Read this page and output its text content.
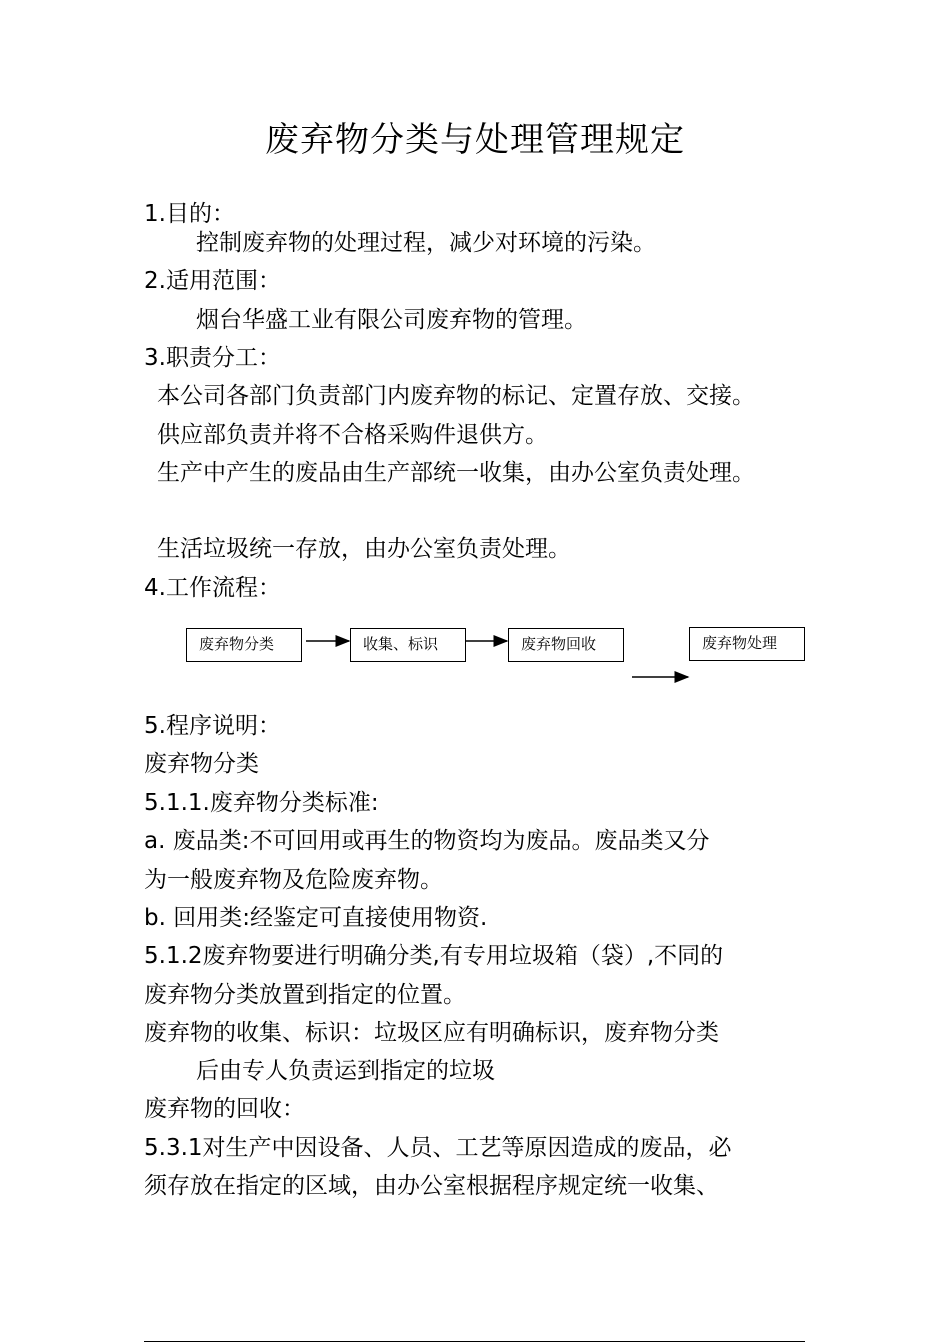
废弃物分类与处理管理规定
1.目的：
控制废弃物的处理过程，减少对环境的污染。
2.适用范围：
烟台华盛工业有限公司废弃物的管理。
3.职责分工：
本公司各部门负责部门内废弃物的标记、定置存放、交接。
供应部负责并将不合格采购件退供方。
生产中产生的废品由生产部统一收集，由办公室负责处理。
生活垃圾统一存放，由办公室负责处理。
4.工作流程：
废弃物分类	收集、标识	废弃物回收	废弃物处理
5.程序说明：
废弃物分类
5.1.1.废弃物分类标准:
a. 废品类:不可回用或再生的物资均为废品。废品类又分
为一般废弃物及危险废弃物。
b. 回用类:经鉴定可直接使用物资.
5.1.2废弃物要进行明确分类,有专用垃圾箱（袋）,不同的
废弃物分类放置到指定的位置。
废弃物的收集、标识：垃圾区应有明确标识，废弃物分类
后由专人负责运到指定的垃圾
废弃物的回收：
5.3.1对生产中因设备、人员、工艺等原因造成的废品，必
须存放在指定的区域，由办公室根据程序规定统一收集、
